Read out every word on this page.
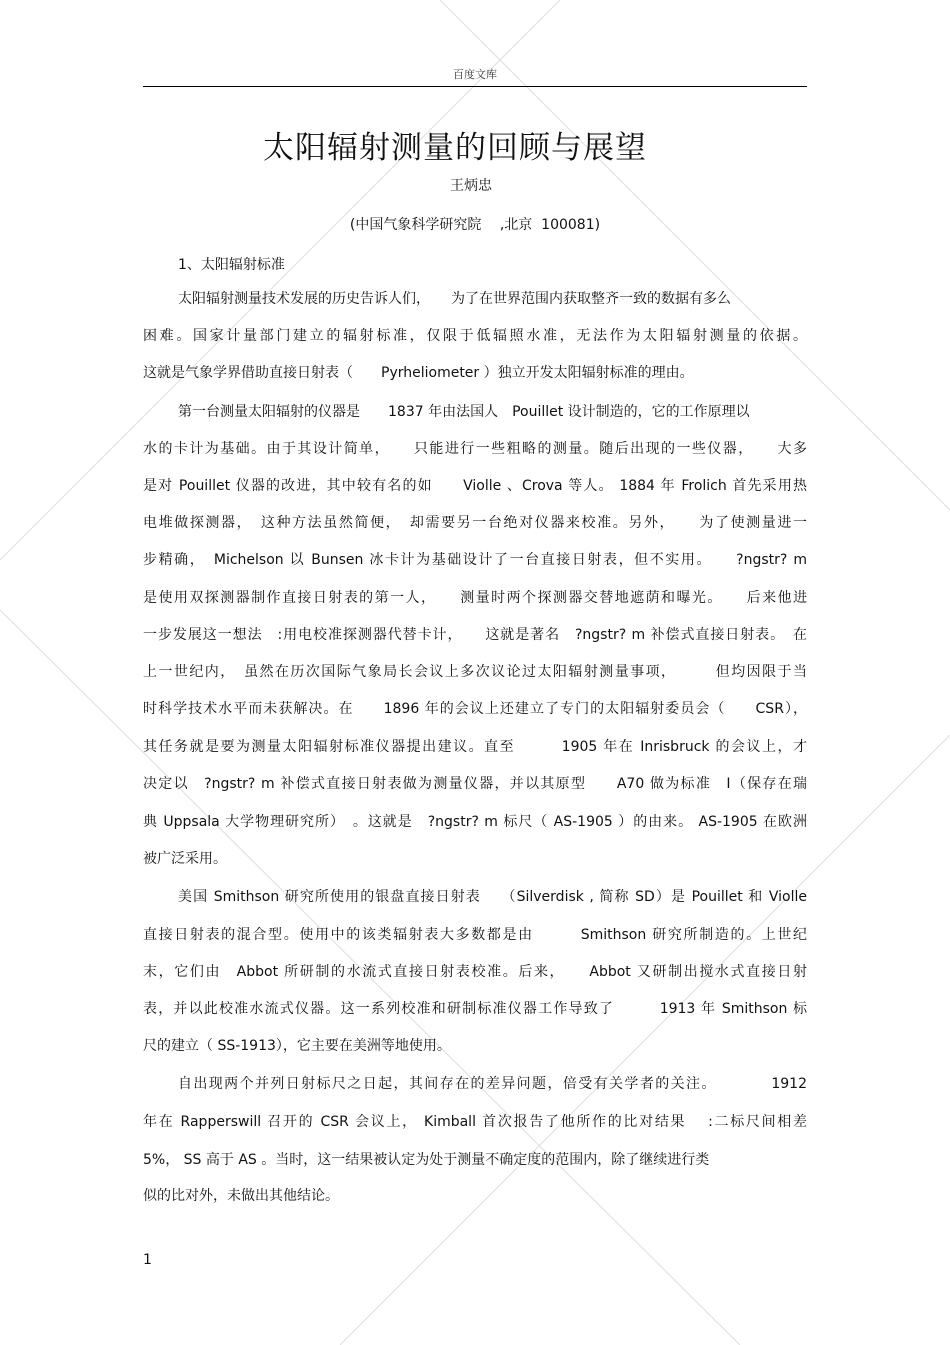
百度文库
太阳辐射测量的回顾与展望
王炳忠
(中国气象科学研究院　 ,北京  100081)
1、太阳辐射标准
太阳辐射测量技术发展的历史告诉人们，　　为了在世界范围内获取整齐一致的数据有多么
困难。国家计量部门建立的辐射标准，仅限于低辐照水准，无法作为太阳辐射测量的依据。
这就是气象学界借助直接日射表（　　Pyrheliometer ）独立开发太阳辐射标准的理由。
第一台测量太阳辐射的仪器是　　1837 年由法国人　Pouillet 设计制造的，它的工作原理以
水的卡计为基础。由于其设计简单，　　只能进行一些粗略的测量。随后出现的一些仪器，　　大多
是对 Pouillet 仪器的改进，其中较有名的如　　Violle 、Crova 等人。 1884 年 Frolich 首先采用热
电堆做探测器，　这种方法虽然简便，　却需要另一台绝对仪器来校准。另外，　　为了使测量进一
步精确，　Michelson 以 Bunsen 冰卡计为基础设计了一台直接日射表，但不实用。　　?ngstr? m
是使用双探测器制作直接日射表的第一人，　　测量时两个探测器交替地遮荫和曝光。　　后来他进
一步发展这一想法　:用电校准探测器代替卡计，　　这就是著名　?ngstr? m 补偿式直接日射表。　在
上一世纪内，　虽然在历次国际气象局长会议上多次议论过太阳辐射测量事项，　　　但均因限于当
时科学技术水平而未获解决。在　　1896 年的会议上还建立了专门的太阳辐射委员会（　　CSR），
其任务就是要为测量太阳辐射标准仪器提出建议。直至　　　1905 年在 Inrisbruck 的会议上，才
决定以　?ngstr? m 补偿式直接日射表做为测量仪器，并以其原型　　A70 做为标准　I（保存在瑞
典 Uppsala 大学物理研究所）　。这就是　?ngstr? m 标尺（ AS-1905 ）的由来。 AS-1905 在欧洲
被广泛采用。
美国 Smithson 研究所使用的银盘直接日射表　 （Silverdisk , 简称 SD）是 Pouillet 和 Violle
直接日射表的混合型。使用中的该类辐射表大多数都是由　　　Smithson 研究所制造的。上世纪
末，它们由　Abbot 所研制的水流式直接日射表校准。后来，　　Abbot 又研制出搅水式直接日射
表，并以此校准水流式仪器。这一系列校准和研制标准仪器工作导致了　　　1913 年 Smithson 标
尺的建立（ SS-1913），它主要在美洲等地使用。
自出现两个并列日射标尺之日起，其间存在的差异问题，倍受有关学者的关注。　　　　1912
年在 Rapperswill 召开的 CSR 会议上， Kimball 首次报告了他所作的比对结果　 :二标尺间相差
5%， SS 高于 AS 。当时，这一结果被认定为处于测量不确定度的范围内，除了继续进行类
似的比对外，未做出其他结论。
1
